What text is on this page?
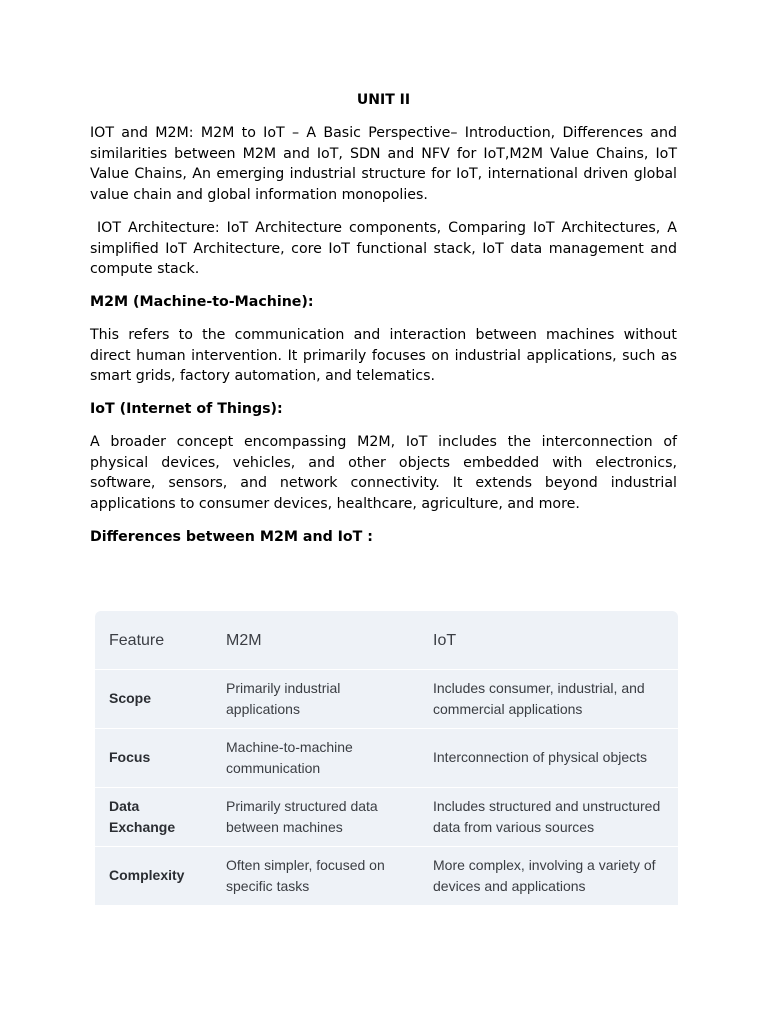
UNIT II

IOT and M2M: M2M to IoT – A Basic Perspective– Introduction, Differences and similarities between M2M and IoT, SDN and NFV for IoT,M2M Value Chains, IoT Value Chains, An emerging industrial structure for IoT, international driven global value chain and global information monopolies.

IOT Architecture: IoT Architecture components, Comparing IoT Architectures, A simplified IoT Architecture, core IoT functional stack, IoT data management and compute stack.

M2M (Machine-to-Machine):

This refers to the communication and interaction between machines without direct human intervention. It primarily focuses on industrial applications, such as smart grids, factory automation, and telematics.

IoT (Internet of Things):

A broader concept encompassing M2M, IoT includes the interconnection of physical devices, vehicles, and other objects embedded with electronics, software, sensors, and network connectivity. It extends beyond industrial applications to consumer devices, healthcare, agriculture, and more.

Differences between M2M and IoT :
Feature	M2M	IoT
Scope
Primarily industrial applications
Includes consumer, industrial, and commercial applications
Focus
Machine-to-machine communication
Interconnection of physical objects
Data Exchange
Primarily structured data between machines
Includes structured and unstructured data from various sources
Complexity
Often simpler, focused on specific tasks
More complex, involving a variety of devices and applications
